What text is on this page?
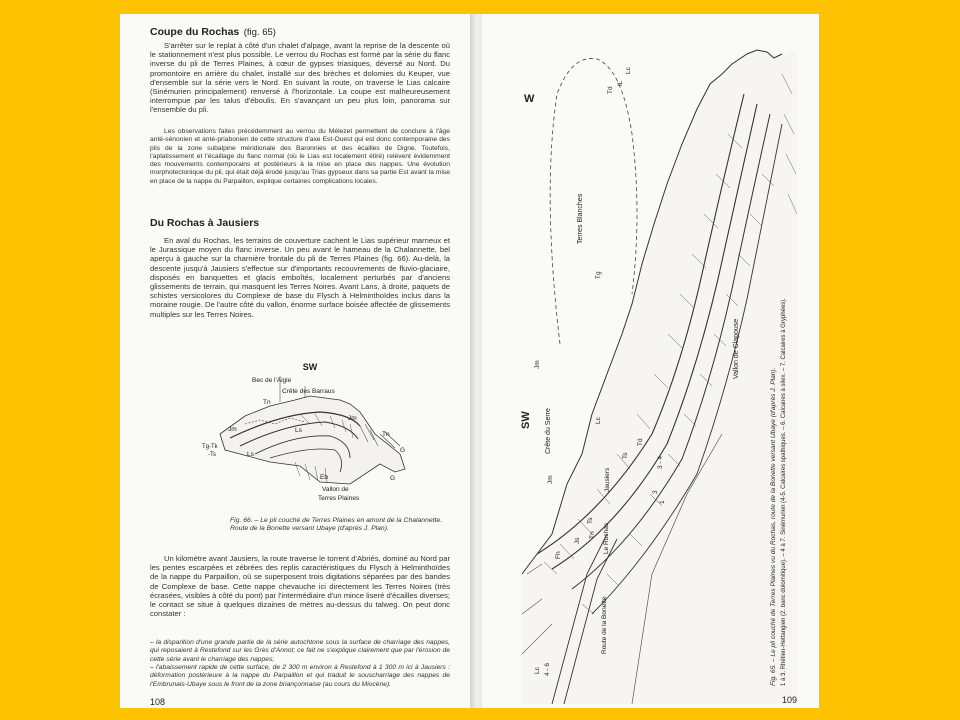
Coupe du Rochas (fig. 65)

S'arrêter sur le replat à côté d'un chalet d'alpage, avant la reprise de la descente où le stationnement n'est plus possible. Le verrou du Rochas est formé par la série du flanc inverse du pli de Terres Plaines, à cœur de gypses triasiques, déversé au Nord. Du promontoire en arrière du chalet, installé sur des brèches et dolomies du Keuper, vue d'ensemble sur la série vers le Nord. En suivant la route, on traverse le Lias calcaire (Sinémurien principalement) renversé à l'horizontale. La coupe est malheureusement interrompue par les talus d'éboulis. En s'avançant un peu plus loin, panorama sur l'ensemble du pli.

Les observations faites précédemment au verrou du Mélezet permettent de conclure à l'âge anté-sénonien et anté-priabonien de cette structure d'axe Est-Ouest qui est donc contemporaine des plis de la zone subalpine méridionale des Baronnies et des écailles de Digne. Toutefois, l'aplatissement et l'écaillage du flanc normal (où le Lias est localement étiré) relèvent évidemment des mouvements contemporains et postérieurs à la mise en place des nappes. Une évolution morphotectonique du pli, qui était déjà érodé jusqu'au Trias gypseux dans sa partie Est avant la mise en place de la nappe du Parpaillon, explique certaines complications locales.

Du Rochas à Jausiers

En aval du Rochas, les terrains de couverture cachent le Lias supérieur marneux et le Jurassique moyen du flanc inverse. Un peu avant le hameau de la Chalannette, bel aperçu à gauche sur la charnière frontale du pli de Terres Plaines (fig. 66). Au-delà, la descente jusqu'à Jausiers s'effectue sur d'importants recouvrements de fluvio-glaciaire, disposés en banquettes et glacis emboîtés, localement perturbés par d'anciens glissements de terrain, qui masquent les Terres Noires. Avant Lans, à droite, paquets de schistes versicolores du Complexe de base du Flysch à Helminthoïdes inclus dans la moraine rougie. De l'autre côté du vallon, énorme surface boisée affectée de glissements multiples sur les Terres Noires.

SW
Bec de l'Aigle
Crête des Barraus
Tn
Jm
Jm
Ls
Ls
Tg-Tk
-Ts
Tn
G
G
Eb
Vallon de
Terres Plaines

Fig. 66. – Le pli couché de Terres Plaines en amont de la Chalannette. Route de la Bonette versant Ubaye (d'après J. Plan).

Un kilomètre avant Jausiers, la route traverse le torrent d'Abriès, dominé au Nord par les pentes escarpées et zébrées des replis caractéristiques du Flysch à Helminthoïdes de la nappe du Parpaillon, où se superposent trois digitations séparées par des bandes de Complexe de base. Cette nappe chevauche ici directement les Terres Noires (très écrasées, visibles à côté du pont) par l'intermédiaire d'un mince liseré d'écailles diverses; le contact se situe à quelques dizaines de mètres au-dessus du talweg. On peut donc constater :

– la disparition d'une grande partie de la série autochtone sous la surface de charriage des nappes, qui reposaient à Restefond sur les Grès d'Annot; ce fait ne s'explique clairement que par l'érosion de cette série avant le charriage des nappes;

– l'abaissement rapide de cette surface, de 2 300 m environ à Restefond à 1 300 m ici à Jausiers : déformation postérieure à la nappe du Parpaillon et qui traduit le souscharriage des nappes de l'Embrunais-Ubaye sous le front de la zone briançonnaise (au cours du Miocène).

108
W
Td
IL
Lc
Terres Blanches
Tg
Jm
SW Crête du Serre	Lc
Ts
Td
3 - 4
3
1
Jm	Jausiers
Le Rochas
Ts
Tn
Js
Fh
Route de la Bonette
Vallon de Clapouse
Lc 4 - 6	Fig. 65. – Le pli couché de Terres Plaines vu du Rochas, route de la Bonette versant Ubaye (d'après J. Plan). 1 à 3. Rhétien-Hettangien (2. banc dolomitique). – 4 à 7. Sinémurien (4-5. Calcaires spathiques. – 6. Calcaires à silex. – 7. Calcaires à Gryphées).
109
